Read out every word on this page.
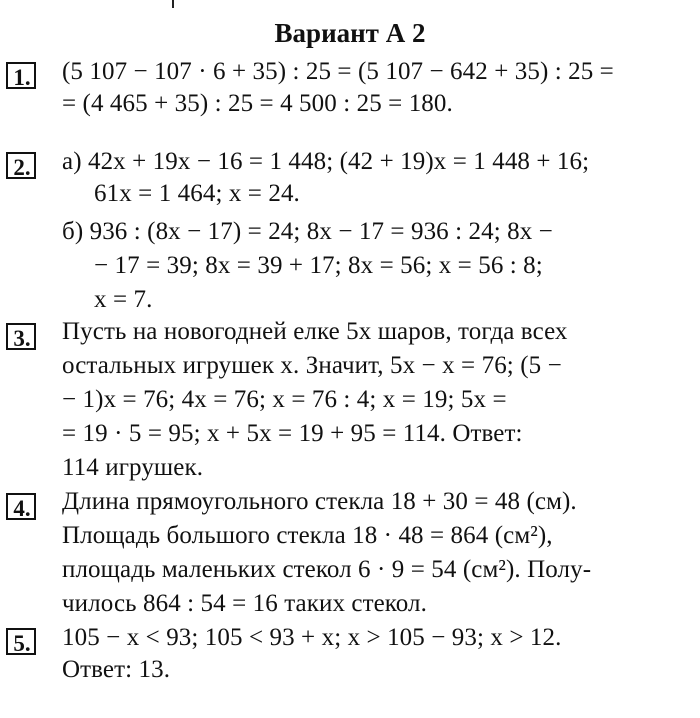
Вариант А 2
1. (5 107 − 107 · 6 + 35) : 25 = (5 107 − 642 + 35) : 25 =
= (4 465 + 35) : 25 = 4 500 : 25 = 180.
2. а) 42x + 19x − 16 = 1 448; (42 + 19)x = 1 448 + 16;
61x = 1 464; x = 24.
б) 936 : (8x − 17) = 24; 8x − 17 = 936 : 24; 8x −
− 17 = 39; 8x = 39 + 17; 8x = 56; x = 56 : 8;
x = 7.
3. Пусть на новогодней елке 5x шаров, тогда всех
остальных игрушек x. Значит, 5x − x = 76; (5 −
− 1)x = 76; 4x = 76; x = 76 : 4; x = 19; 5x =
= 19 · 5 = 95; x + 5x = 19 + 95 = 114. Ответ:
114 игрушек.
4. Длина прямоугольного стекла 18 + 30 = 48 (см).
Площадь большого стекла 18 · 48 = 864 (см²),
площадь маленьких стекол 6 · 9 = 54 (см²). Полу-
чилось 864 : 54 = 16 таких стекол.
5. 105 − x < 93; 105 < 93 + x; x > 105 − 93; x > 12.
Ответ: 13.
